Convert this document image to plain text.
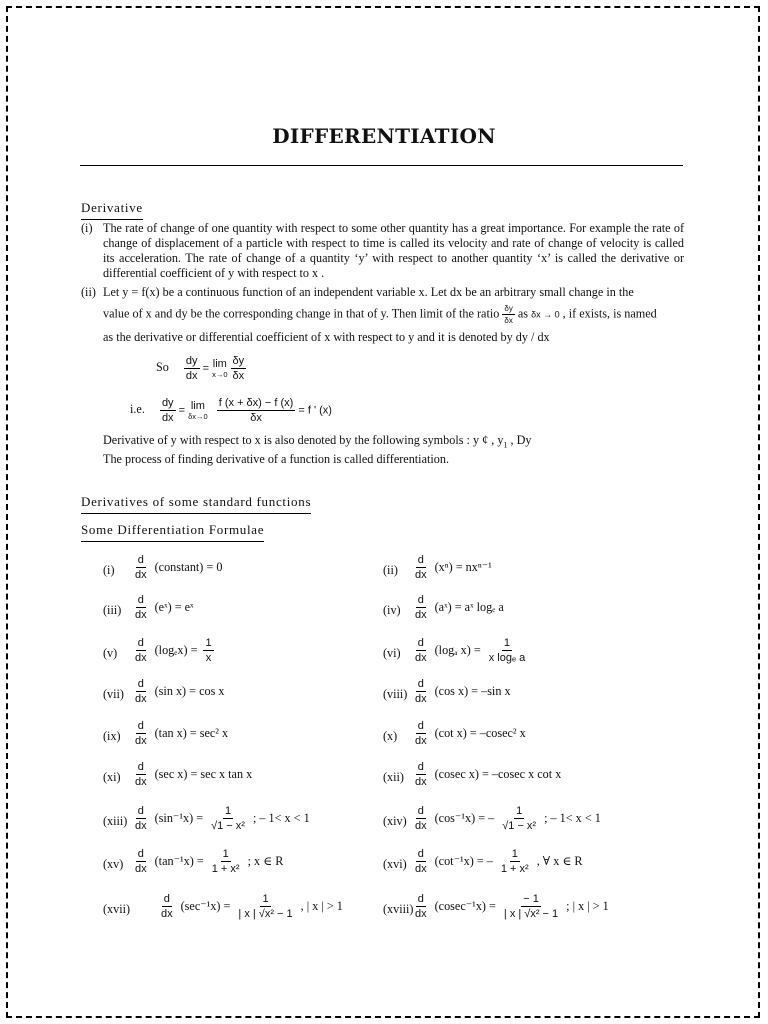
DIFFERENTIATION
Derivative
(i) The rate of change of one quantity with respect to some other quantity has a great importance. For example the rate of change of displacement of a particle with respect to time is called its velocity and rate of change of velocity is called its acceleration. The rate of change of a quantity ‘y’ with respect to another quantity ‘x’ is called the derivative or differential coefficient of y with respect to x .
(ii) Let y = f(x) be a continuous function of an independent variable x. Let dx be an arbitrary small change in the
value of x and dy be the corresponding change in that of y. Then limit of the ratio $\frac{\delta y}{\delta x}$ as δx → 0 , if exists, is named
as the derivative or differential coefficient of x with respect to y and it is denoted by dy / dx
So $\frac{dy}{dx} = \lim$
x→0
$\frac{\delta y}{\delta x}$
i.e. $\frac{dy}{dx} = \lim$
δx→0
$\frac{f (x + \delta x) - f (x)}{\delta x} = f$ ' (x)
Derivative of y with respect to x is also denoted by the following symbols : y ¢ , $y_1$ , Dy
The process of finding derivative of a function is called differentiation.
Derivatives of some standard functions
Some Differentiation Formulae
$(i) \frac{d}{dx}$ (constant) = 0	$(ii) \frac{d}{dx} (x^n) = nx^{n-1}$
$(iii) \frac{d}{dx}$ (eˣ) = eˣ	$(iv) \frac{d}{dx}$ (aˣ) = aˣ logₑ a
$(v) \frac{d}{dx} (\log_ex) = \frac{1}{x}$	$(vi) \frac{d}{dx} (\log_a$ $x) = \frac{1}{\text{x logₑ a}}$
$(vii) \frac{d}{dx} (\sin$ x) = cos x	(viii) $\frac{d}{dx} (\cos$ x) = –sin x
$(ix) \frac{d}{dx} (\tan$ x) = sec² x	$(x) \frac{d}{dx} (\cot$ x) = –cosec² x
$(xi) \frac{d}{dx} (\sec$ x) = sec x tan x	$(xii) \frac{d}{dx} (cosec$ x) = –cosec x cot x
(xiii) $\frac{d}{dx} (\sin^{-1}x) = \frac{1}{\text{√1 − x²}}$ ; – 1< x < 1	$(xiv) \frac{d}{dx} (\cos^{-1}x)$ = – $\frac{1}{\text{√1 − x²}}$ ; – 1< x < 1
$(xv) \frac{d}{dx} (\tan^{-1}x) = \frac{1}{\text{1 + x²}}$ ; x ∈ R	$(xvi) \frac{d}{dx} (\cot^{-1}x)$ = – $\frac{1}{\text{1 + x²}}$ , ∀ x ∈ R
(xvii)	$\frac{d}{dx} (\sec^{-1}x) = \frac{1}{\text{| x | √x² − 1}}$ , | x | > 1	(xviii) $\frac{d}{dx} (cosec^{-1}x) = \frac{- 1}{\text{| x | √x² − 1}}$ ; | x | > 1
